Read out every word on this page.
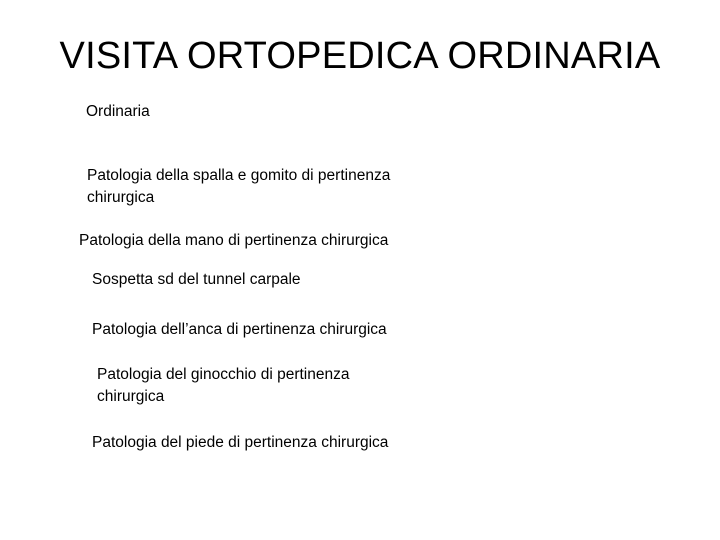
VISITA ORTOPEDICA ORDINARIA
Ordinaria
Patologia della spalla e gomito di pertinenza
chirurgica
Patologia della mano di pertinenza chirurgica
Sospetta sd del tunnel carpale
Patologia dell’anca di pertinenza chirurgica
Patologia del ginocchio di pertinenza
chirurgica
Patologia del piede di pertinenza chirurgica
